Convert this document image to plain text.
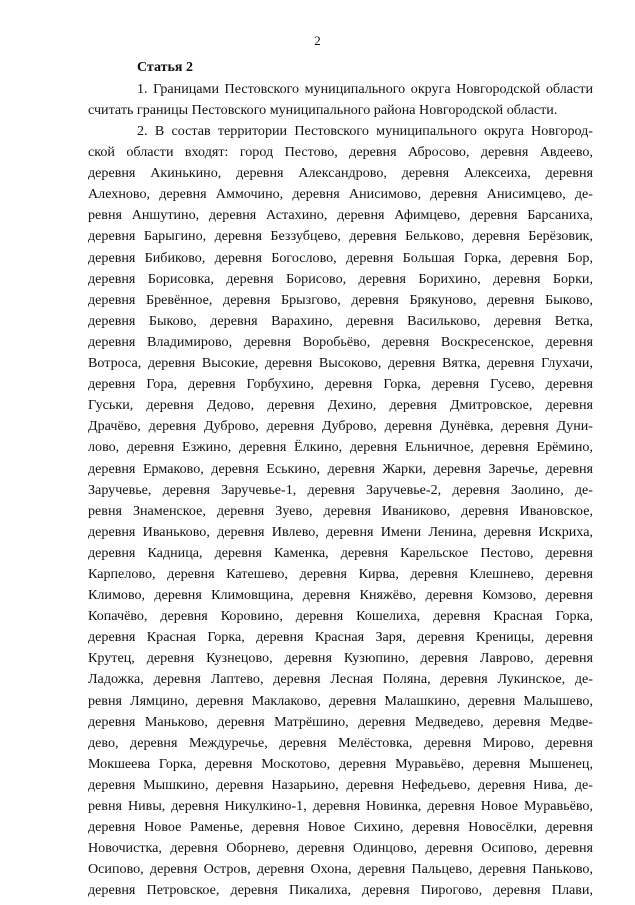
2
Статья 2
1. Границами Пестовского муниципального округа Новгородской области
считать границы Пестовского муниципального района Новгородской области.
2. В состав территории Пестовского муниципального округа Новгород-
ской области входят: город Пестово, деревня Абросово, деревня Авдеево,
деревня Акинькино, деревня Александрово, деревня Алексеиха, деревня
Алехново, деревня Аммочино, деревня Анисимово, деревня Анисимцево, де-
ревня Аншутино, деревня Астахино, деревня Афимцево, деревня Барсаниха,
деревня Барыгино, деревня Беззубцево, деревня Белькoво, деревня Берёзовик,
деревня Бибиково, деревня Богослово, деревня Большая Горка, деревня Бор,
деревня Борисовка, деревня Борисово, деревня Борихино, деревня Борки,
деревня Бревённое, деревня Брызгово, деревня Брякуново, деревня Быково,
деревня Быково, деревня Варахино, деревня Васильково, деревня Ветка,
деревня Владимирово, деревня Воробьёво, деревня Воскресенское, деревня
Вотроса, деревня Высокие, деревня Высоково, деревня Вятка, деревня Глухачи,
деревня Гора, деревня Горбухино, деревня Горка, деревня Гусево, деревня
Гуськи, деревня Дедово, деревня Дехино, деревня Дмитровское, деревня
Драчёво, деревня Дуброво, деревня Дуброво, деревня Дунёвка, деревня Дуни-
лово, деревня Езжино, деревня Ёлкино, деревня Ельничное, деревня Ерёмино,
деревня Ермаково, деревня Еськино, деревня Жарки, деревня Заречье, деревня
Заручевье, деревня Заручевье-1, деревня Заручевье-2, деревня Заолино, де-
ревня Знаменское, деревня Зуево, деревня Иваниково, деревня Ивановское,
деревня Иваньково, деревня Ивлево, деревня Имени Ленина, деревня Искриха,
деревня Кадница, деревня Каменка, деревня Карельское Пестово, деревня
Карпелово, деревня Катешево, деревня Кирва, деревня Клешнево, деревня
Климово, деревня Климовщина, деревня Княжёво, деревня Комзово, деревня
Копачёво, деревня Коровино, деревня Кошелиха, деревня Красная Горка,
деревня Красная Горка, деревня Красная Заря, деревня Креницы, деревня
Крутец, деревня Кузнецово, деревня Кузюпино, деревня Лаврово, деревня
Ладожка, деревня Лаптево, деревня Лесная Поляна, деревня Лукинское, де-
ревня Лямцино, деревня Маклаково, деревня Малашкино, деревня Малышево,
деревня Маньково, деревня Матрёшино, деревня Медведево, деревня Медве-
дево, деревня Междуречье, деревня Мелёстовка, деревня Мирово, деревня
Мокшеева Горка, деревня Москотово, деревня Муравьёво, деревня Мышенец,
деревня Мышкино, деревня Назарьино, деревня Нефедьево, деревня Нива, де-
ревня Нивы, деревня Никулкино-1, деревня Новинка, деревня Новое Муравьёво,
деревня Новое Раменье, деревня Новое Сихино, деревня Новосёлки, деревня
Новочистка, деревня Оборнево, деревня Одинцово, деревня Осипово, деревня
Осипово, деревня Остров, деревня Охона, деревня Пальцево, деревня Паньково,
деревня Петровское, деревня Пикалиха, деревня Пирогово, деревня Плави,
